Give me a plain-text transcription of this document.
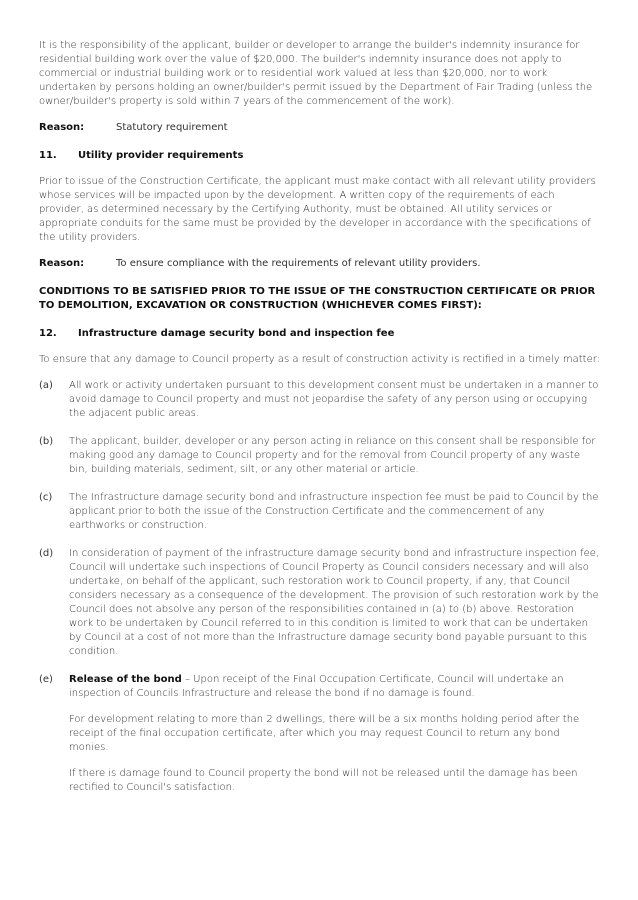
It is the responsibility of the applicant, builder or developer to arrange the builder's indemnity insurance for residential building work over the value of $20,000. The builder's indemnity insurance does not apply to commercial or industrial building work or to residential work valued at less than $20,000, nor to work undertaken by persons holding an owner/builder's permit issued by the Department of Fair Trading (unless the owner/builder's property is sold within 7 years of the commencement of the work).

Reason:	Statutory requirement
11.	Utility provider requirements

Prior to issue of the Construction Certificate, the applicant must make contact with all relevant utility providers whose services will be impacted upon by the development. A written copy of the requirements of each provider, as determined necessary by the Certifying Authority, must be obtained. All utility services or appropriate conduits for the same must be provided by the developer in accordance with the specifications of the utility providers.

Reason:	To ensure compliance with the requirements of relevant utility providers.
CONDITIONS TO BE SATISFIED PRIOR TO THE ISSUE OF THE CONSTRUCTION CERTIFICATE OR PRIOR TO DEMOLITION, EXCAVATION OR CONSTRUCTION (WHICHEVER COMES FIRST):
12.	Infrastructure damage security bond and inspection fee

To ensure that any damage to Council property as a result of construction activity is rectified in a timely matter:

(a)	All work or activity undertaken pursuant to this development consent must be undertaken in a manner to avoid damage to Council property and must not jeopardise the safety of any person using or occupying the adjacent public areas.

(b)	The applicant, builder, developer or any person acting in reliance on this consent shall be responsible for making good any damage to Council property and for the removal from Council property of any waste bin, building materials, sediment, silt, or any other material or article.

(c)	The Infrastructure damage security bond and infrastructure inspection fee must be paid to Council by the applicant prior to both the issue of the Construction Certificate and the commencement of any earthworks or construction.

(d)	In consideration of payment of the infrastructure damage security bond and infrastructure inspection fee, Council will undertake such inspections of Council Property as Council considers necessary and will also undertake, on behalf of the applicant, such restoration work to Council property, if any, that Council considers necessary as a consequence of the development. The provision of such restoration work by the Council does not absolve any person of the responsibilities contained in (a) to (b) above. Restoration work to be undertaken by Council referred to in this condition is limited to work that can be undertaken by Council at a cost of not more than the Infrastructure damage security bond payable pursuant to this condition.

(e)	Release of the bond – Upon receipt of the Final Occupation Certificate, Council will undertake an inspection of Councils Infrastructure and release the bond if no damage is found.

For development relating to more than 2 dwellings, there will be a six months holding period after the receipt of the final occupation certificate, after which you may request Council to return any bond monies.

If there is damage found to Council property the bond will not be released until the damage has been rectified to Council's satisfaction.
